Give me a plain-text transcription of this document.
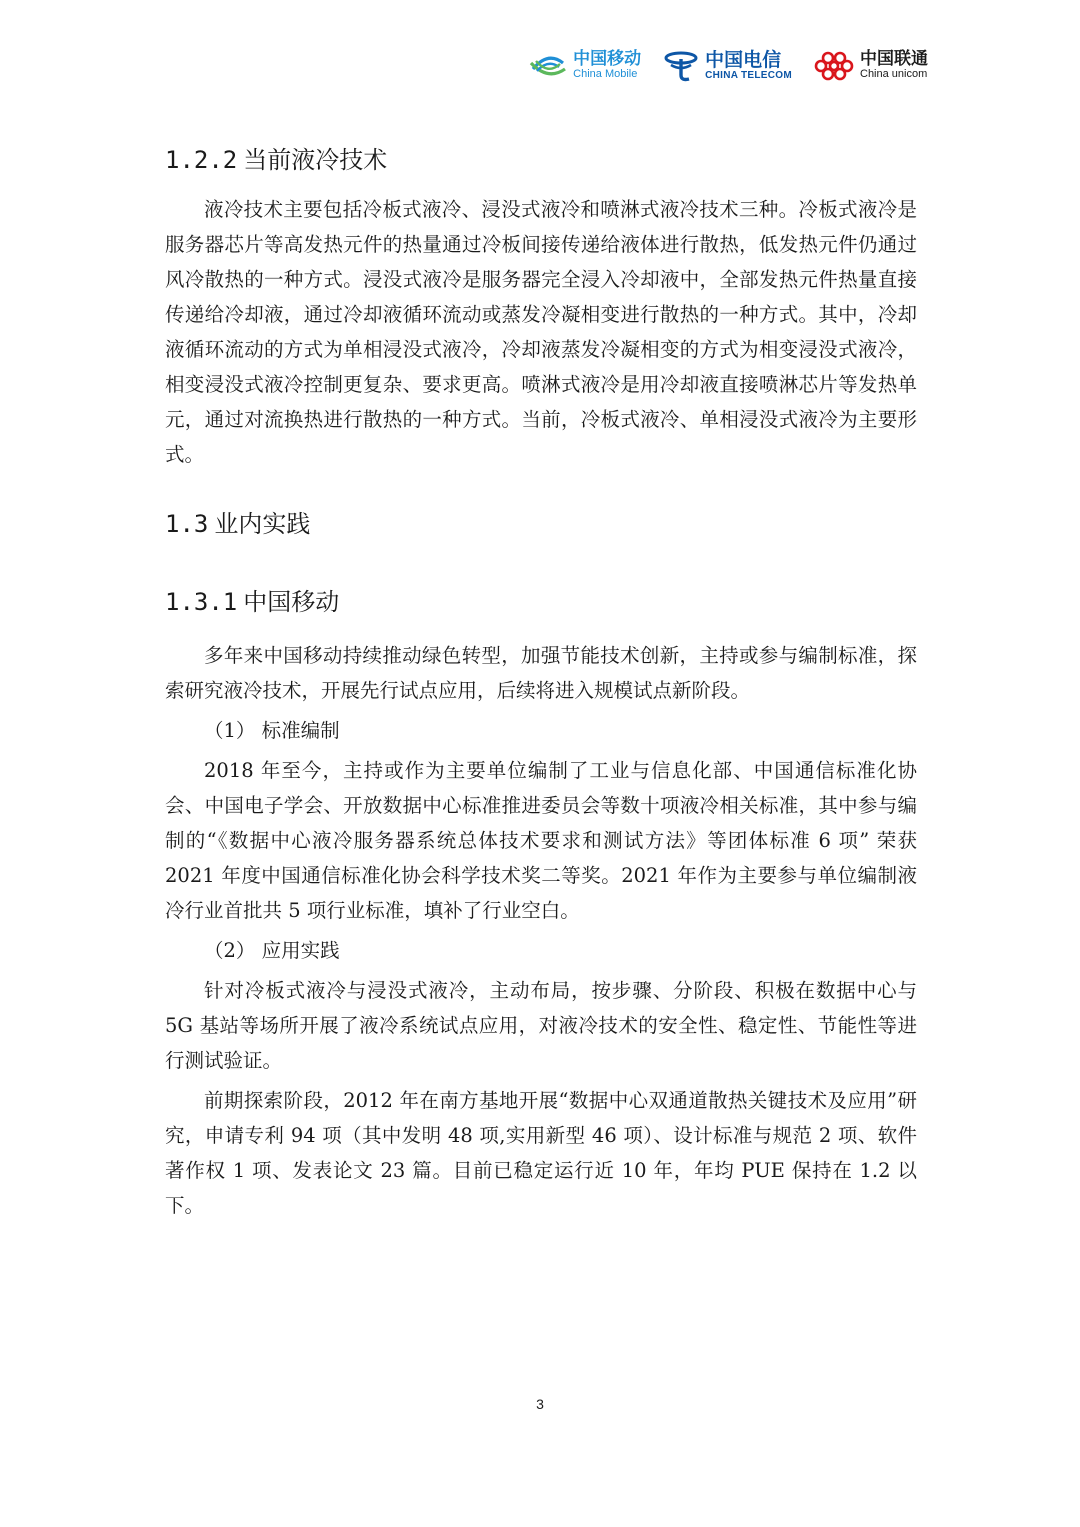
中国移动
China Mobile
中国电信
CHINA TELECOM
中国联通
China unicom
1.2.2 当前液冷技术

液冷技术主要包括冷板式液冷、浸没式液冷和喷淋式液冷技术三种。冷板式液冷是服务器芯片等高发热元件的热量通过冷板间接传递给液体进行散热，低发热元件仍通过风冷散热的一种方式。浸没式液冷是服务器完全浸入冷却液中，全部发热元件热量直接传递给冷却液，通过冷却液循环流动或蒸发冷凝相变进行散热的一种方式。其中，冷却液循环流动的方式为单相浸没式液冷，冷却液蒸发冷凝相变的方式为相变浸没式液冷，相变浸没式液冷控制更复杂、要求更高。喷淋式液冷是用冷却液直接喷淋芯片等发热单元，通过对流换热进行散热的一种方式。当前，冷板式液冷、单相浸没式液冷为主要形式。

1.3 业内实践
1.3.1 中国移动

多年来中国移动持续推动绿色转型，加强节能技术创新，主持或参与编制标准，探索研究液冷技术，开展先行试点应用，后续将进入规模试点新阶段。

（1） 标准编制

2018 年至今，主持或作为主要单位编制了工业与信息化部、中国通信标准化协会、中国电子学会、开放数据中心标准推进委员会等数十项液冷相关标准，其中参与编制的“《数据中心液冷服务器系统总体技术要求和测试方法》等团体标准 6 项” 荣获 2021 年度中国通信标准化协会科学技术奖二等奖。2021 年作为主要参与单位编制液冷行业首批共 5 项行业标准，填补了行业空白。

（2） 应用实践

针对冷板式液冷与浸没式液冷，主动布局，按步骤、分阶段、积极在数据中心与 5G 基站等场所开展了液冷系统试点应用，对液冷技术的安全性、稳定性、节能性等进行测试验证。

前期探索阶段，2012 年在南方基地开展“数据中心双通道散热关键技术及应用”研究，申请专利 94 项（其中发明 48 项,实用新型 46 项）、设计标准与规范 2 项、软件著作权 1 项、发表论文 23 篇。目前已稳定运行近 10 年，年均 PUE 保持在 1.2 以下。

3
